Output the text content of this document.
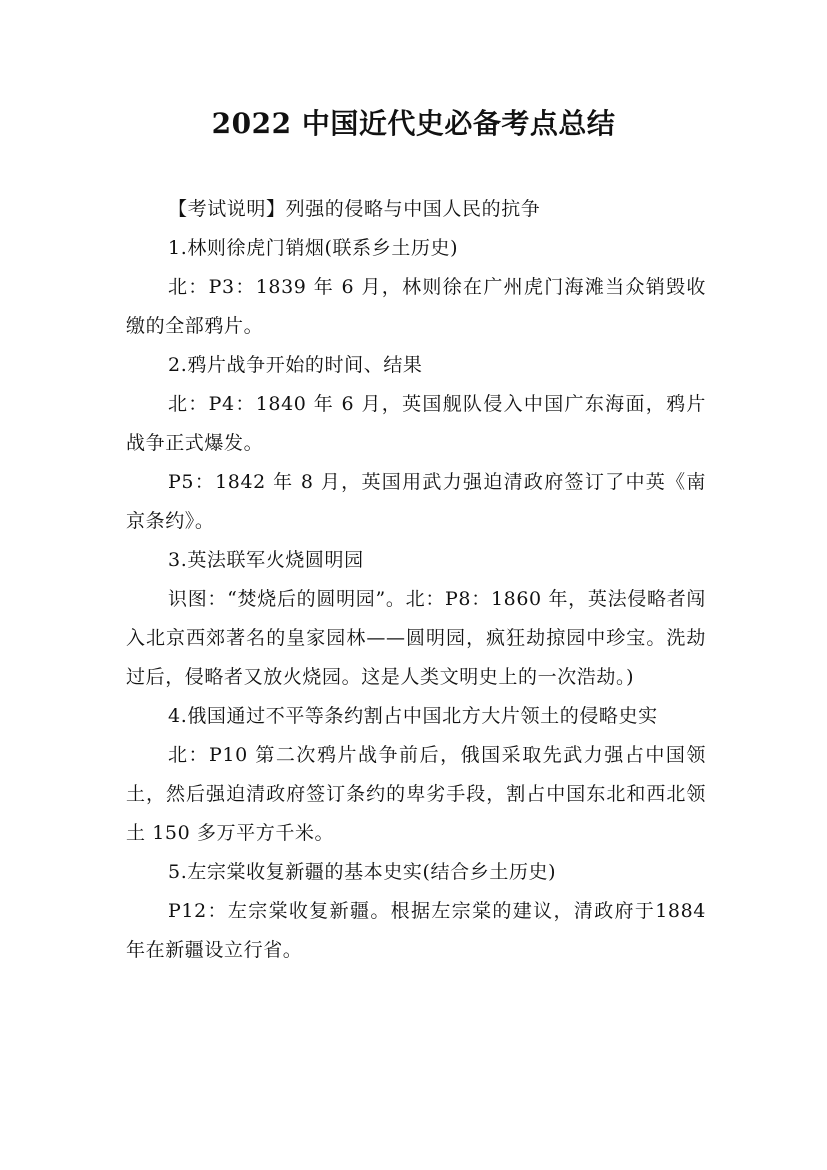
2022 中国近代史必备考点总结

【考试说明】列强的侵略与中国人民的抗争

1.林则徐虎门销烟(联系乡土历史)

北：P3：1839 年 6 月，林则徐在广州虎门海滩当众销毁收缴的全部鸦片。

2.鸦片战争开始的时间、结果

北：P4：1840 年 6 月，英国舰队侵入中国广东海面，鸦片战争正式爆发。

P5：1842 年 8 月，英国用武力强迫清政府签订了中英《南京条约》。

3.英法联军火烧圆明园

识图：“焚烧后的圆明园”。北：P8：1860 年，英法侵略者闯入北京西郊著名的皇家园林——圆明园，疯狂劫掠园中珍宝。洗劫过后，侵略者又放火烧园。这是人类文明史上的一次浩劫。)

4.俄国通过不平等条约割占中国北方大片领土的侵略史实

北：P10 第二次鸦片战争前后，俄国采取先武力强占中国领土，然后强迫清政府签订条约的卑劣手段，割占中国东北和西北领土 150 多万平方千米。

5.左宗棠收复新疆的基本史实(结合乡土历史)

P12：左宗棠收复新疆。根据左宗棠的建议，清政府于1884 年在新疆设立行省。
